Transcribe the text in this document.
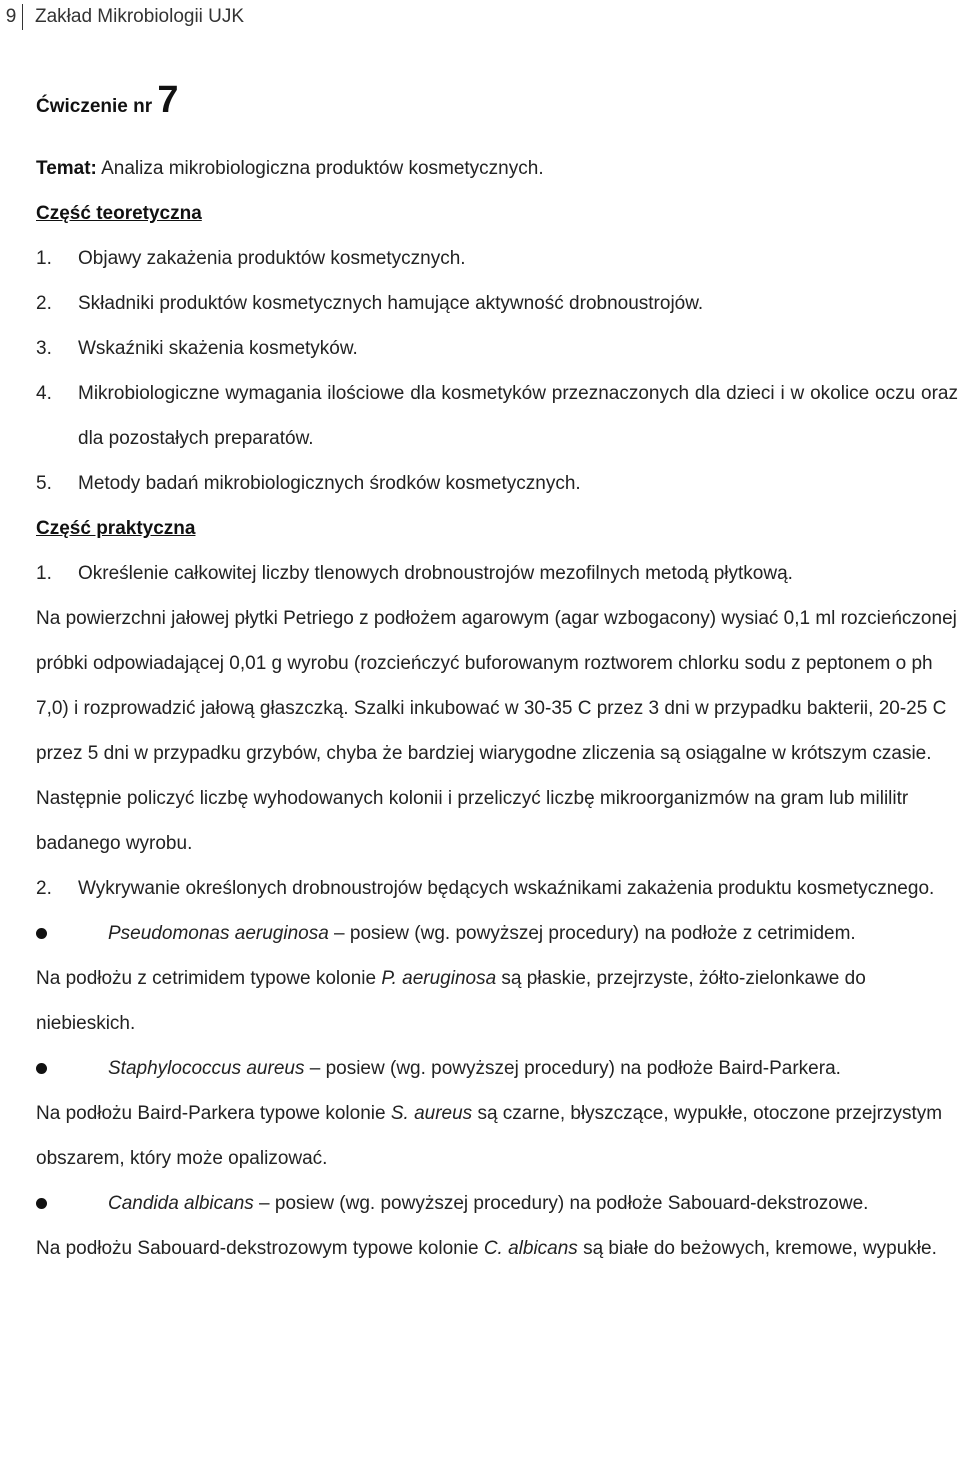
9 Zakład Mikrobiologii UJK
Ćwiczenie nr 7

Temat: Analiza mikrobiologiczna produktów kosmetycznych.

Część teoretyczna

1.	Objawy zakażenia produktów kosmetycznych.
2.	Składniki produktów kosmetycznych hamujące aktywność drobnoustrojów.
3.	Wskaźniki skażenia kosmetyków.
4.	Mikrobiologiczne wymagania ilościowe dla kosmetyków przeznaczonych dla dzieci i w okolice oczu oraz dla pozostałych preparatów.
5.	Metody badań mikrobiologicznych środków kosmetycznych.

Część praktyczna

1.	Określenie całkowitej liczby tlenowych drobnoustrojów mezofilnych metodą płytkową.

Na powierzchni jałowej płytki Petriego z podłożem agarowym (agar wzbogacony) wysiać 0,1 ml rozcieńczonej próbki odpowiadającej 0,01 g wyrobu (rozcieńczyć buforowanym roztworem chlorku sodu z peptonem o ph 7,0) i rozprowadzić jałową głaszczką. Szalki inkubować w 30-35 C przez 3 dni w przypadku bakterii, 20-25 C przez 5 dni w przypadku grzybów, chyba że bardziej wiarygodne zliczenia są osiągalne w krótszym czasie. Następnie policzyć liczbę wyhodowanych kolonii i przeliczyć liczbę mikroorganizmów na gram lub mililitr badanego wyrobu.

2.	Wykrywanie określonych drobnoustrojów będących wskaźnikami zakażenia produktu kosmetycznego.
Pseudomonas aeruginosa – posiew (wg. powyższej procedury) na podłoże z cetrimidem.

Na podłożu z cetrimidem typowe kolonie P. aeruginosa są płaskie, przejrzyste, żółto-zielonkawe do niebieskich.

Staphylococcus aureus – posiew (wg. powyższej procedury) na podłoże Baird-Parkera.

Na podłożu Baird-Parkera typowe kolonie S. aureus są czarne, błyszczące, wypukłe, otoczone przejrzystym obszarem, który może opalizować.

Candida albicans – posiew (wg. powyższej procedury) na podłoże Sabouard-dekstrozowe.

Na podłożu Sabouard-dekstrozowym typowe kolonie C. albicans są białe do beżowych, kremowe, wypukłe.
